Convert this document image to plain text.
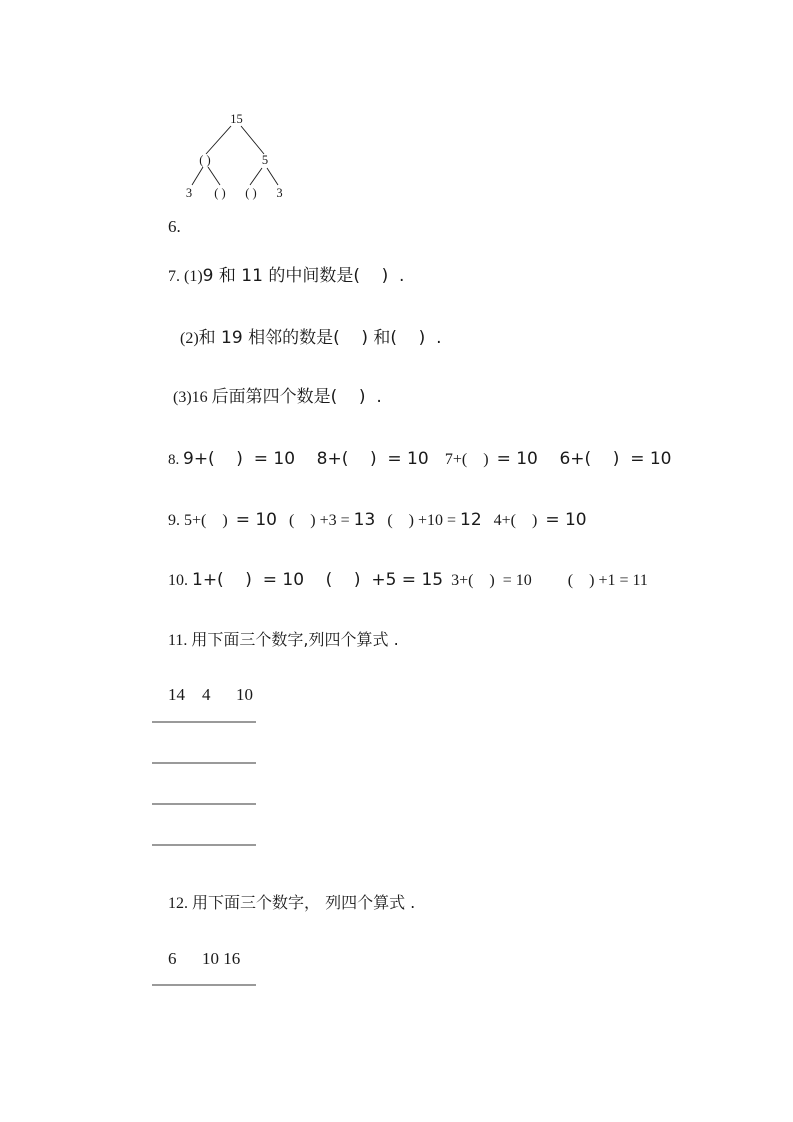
15
( )	5
3 ( ) ( ) 3

6.

7. (1)9 和 11 的中间数是(    )  .

(2)和 19 相邻的数是(    ) 和(    )  .

(3)16 后面第四个数是(    )  .

8. 9+(    )  = 10    8+(    )  = 10   7+(    )  = 10    6+(    )  = 10

9. 5+(    )  = 10   (    ) +3 = 13   (    ) +10 = 12   4+(    )  = 10

10. 1+(    )  = 10    (    )  +5 = 15  3+(    )  = 10         (    ) +1 = 11

11. 用下面三个数字,列四个算式 .

14    4      10

12. 用下面三个数字， 列四个算式 .

6      10 16
